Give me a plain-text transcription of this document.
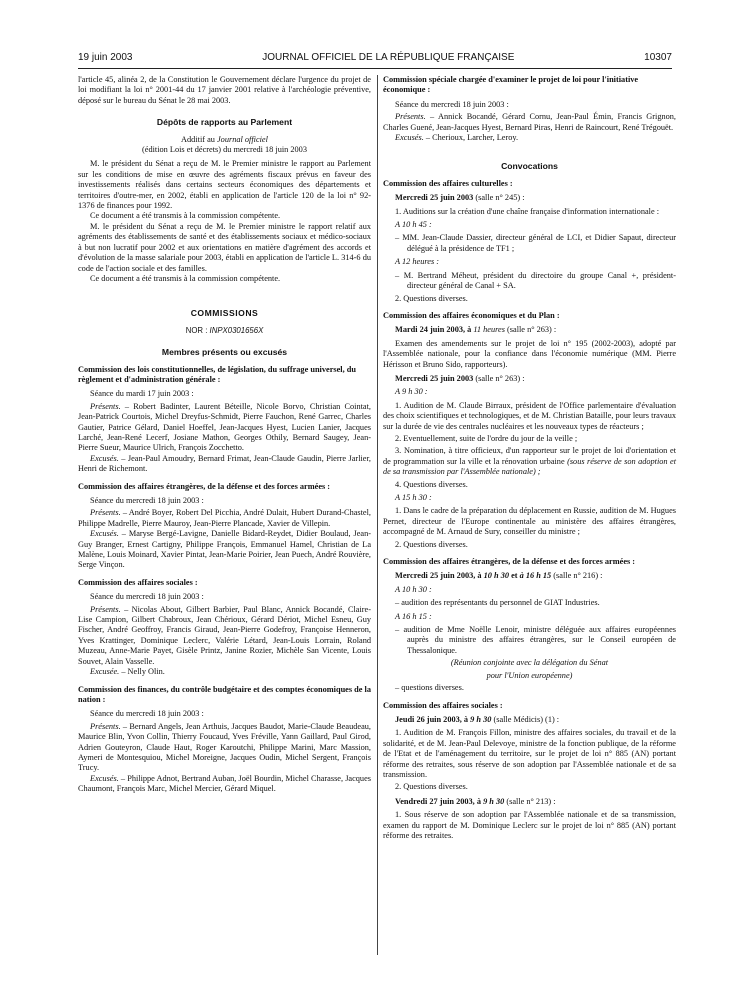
19 juin 2003	JOURNAL OFFICIEL DE LA RÉPUBLIQUE FRANÇAISE	10307

l'article 45, alinéa 2, de la Constitution le Gouvernement déclare l'urgence du projet de loi modifiant la loi n° 2001-44 du 17 janvier 2001 relative à l'archéologie préventive, déposé sur le bureau du Sénat le 28 mai 2003.

Dépôts de rapports au Parlement

Additif au Journal officiel

(édition Lois et décrets) du mercredi 18 juin 2003

M. le président du Sénat a reçu de M. le Premier ministre le rapport au Parlement sur les conditions de mise en œuvre des agréments fiscaux prévus en faveur des investissements réalisés dans certains secteurs économiques des départements et territoires d'outre-mer, en 2002, établi en application de l'article 120 de la loi n° 92-1376 de finances pour 1992.

Ce document a été transmis à la commission compétente.

M. le président du Sénat a reçu de M. le Premier ministre le rapport relatif aux agréments des établissements de santé et des établissements sociaux et médico-sociaux à but non lucratif pour 2002 et aux orientations en matière d'agrément des accords et d'évolution de la masse salariale pour 2003, établi en application de l'article L. 314-6 du code de l'action sociale et des familles.

Ce document a été transmis à la commission compétente.

COMMISSIONS

NOR : INPX0301656X

Membres présents ou excusés

Commission des lois constitutionnelles, de législation, du suffrage universel, du règlement et d'administration générale :

Séance du mardi 17 juin 2003 :

Présents. – Robert Badinter, Laurent Béteille, Nicole Borvo, Christian Cointat, Jean-Patrick Courtois, Michel Dreyfus-Schmidt, Pierre Fauchon, René Garrec, Charles Gautier, Patrice Gélard, Daniel Hoeffel, Jean-Jacques Hyest, Lucien Lanier, Jacques Larché, Jean-René Lecerf, Josiane Mathon, Georges Othily, Bernard Saugey, Jean-Pierre Sueur, Maurice Ulrich, François Zocchetto.

Excusés. – Jean-Paul Amoudry, Bernard Frimat, Jean-Claude Gaudin, Pierre Jarlier, Henri de Richemont.

Commission des affaires étrangères, de la défense et des forces armées :

Séance du mercredi 18 juin 2003 :

Présents. – André Boyer, Robert Del Picchia, André Dulait, Hubert Durand-Chastel, Philippe Madrelle, Pierre Mauroy, Jean-Pierre Plancade, Xavier de Villepin.

Excusés. – Maryse Bergé-Lavigne, Danielle Bidard-Reydet, Didier Boulaud, Jean-Guy Branger, Ernest Cartigny, Philippe François, Emmanuel Hamel, Christian de La Malène, Louis Moinard, Xavier Pintat, Jean-Marie Poirier, Jean Puech, André Rouvière, Serge Vinçon.

Commission des affaires sociales :

Séance du mercredi 18 juin 2003 :

Présents. – Nicolas About, Gilbert Barbier, Paul Blanc, Annick Bocandé, Claire-Lise Campion, Gilbert Chabroux, Jean Chérioux, Gérard Dériot, Michel Esneu, Guy Fischer, André Geoffroy, Francis Giraud, Jean-Pierre Godefroy, Françoise Henneron, Yves Krattinger, Dominique Leclerc, Valérie Létard, Jean-Louis Lorrain, Roland Muzeau, Anne-Marie Payet, Gisèle Printz, Janine Rozier, Michèle San Vicente, Louis Souvet, Alain Vasselle.

Excusée. – Nelly Olin.

Commission des finances, du contrôle budgétaire et des comptes économiques de la nation :

Séance du mercredi 18 juin 2003 :

Présents. – Bernard Angels, Jean Arthuis, Jacques Baudot, Marie-Claude Beaudeau, Maurice Blin, Yvon Collin, Thierry Foucaud, Yves Fréville, Yann Gaillard, Paul Girod, Adrien Gouteyron, Claude Haut, Roger Karoutchi, Philippe Marini, Marc Massion, Aymeri de Montesquiou, Michel Moreigne, Jacques Oudin, Michel Sergent, François Trucy.

Excusés. – Philippe Adnot, Bertrand Auban, Joël Bourdin, Michel Charasse, Jacques Chaumont, François Marc, Michel Mercier, Gérard Miquel.

Commission spéciale chargée d'examiner le projet de loi pour l'initiative économique :

Séance du mercredi 18 juin 2003 :

Présents. – Annick Bocandé, Gérard Cornu, Jean-Paul Émin, Francis Grignon, Charles Guené, Jean-Jacques Hyest, Bernard Piras, Henri de Raincourt, René Trégouët.

Excusés. – Cherioux, Larcher, Leroy.

Convocations

Commission des affaires culturelles :

Mercredi 25 juin 2003 (salle n° 245) :

1. Auditions sur la création d'une chaîne française d'information internationale :

A 10 h 45 :

– MM. Jean-Claude Dassier, directeur général de LCI, et Didier Sapaut, directeur délégué à la présidence de TF1 ;

A 12 heures :

– M. Bertrand Méheut, président du directoire du groupe Canal +, président-directeur général de Canal + SA.

2. Questions diverses.

Commission des affaires économiques et du Plan :

Mardi 24 juin 2003, à 11 heures (salle n° 263) :

Examen des amendements sur le projet de loi n° 195 (2002-2003), adopté par l'Assemblée nationale, pour la confiance dans l'économie numérique (MM. Pierre Hérisson et Bruno Sido, rapporteurs).

Mercredi 25 juin 2003 (salle n° 263) :

A 9 h 30 :

1. Audition de M. Claude Birraux, président de l'Office parlementaire d'évaluation des choix scientifiques et technologiques, et de M. Christian Bataille, pour leurs travaux sur la durée de vie des centrales nucléaires et les nouveaux types de réacteurs ;

2. Eventuellement, suite de l'ordre du jour de la veille ;

3. Nomination, à titre officieux, d'un rapporteur sur le projet de loi d'orientation et de programmation sur la ville et la rénovation urbaine (sous réserve de son adoption et de sa transmission par l'Assemblée nationale) ;

4. Questions diverses.

A 15 h 30 :

1. Dans le cadre de la préparation du déplacement en Russie, audition de M. Hugues Pernet, directeur de l'Europe continentale au ministère des affaires étrangères, accompagné de M. Arnaud de Sury, conseiller du ministre ;

2. Questions diverses.

Commission des affaires étrangères, de la défense et des forces armées :

Mercredi 25 juin 2003, à 10 h 30 et à 16 h 15 (salle n° 216) :

A 10 h 30 :

– audition des représentants du personnel de GIAT Industries.

A 16 h 15 :

– audition de Mme Noëlle Lenoir, ministre déléguée aux affaires européennes auprès du ministre des affaires étrangères, sur le Conseil européen de Thessalonique.

(Réunion conjointe avec la délégation du Sénat

pour l'Union européenne)

– questions diverses.

Commission des affaires sociales :

Jeudi 26 juin 2003, à 9 h 30 (salle Médicis) (1) :

1. Audition de M. François Fillon, ministre des affaires sociales, du travail et de la solidarité, et de M. Jean-Paul Delevoye, ministre de la fonction publique, de la réforme de l'Etat et de l'aménagement du territoire, sur le projet de loi n° 885 (AN) portant réforme des retraites, sous réserve de son adoption par l'Assemblée nationale et de sa transmission.

2. Questions diverses.

Vendredi 27 juin 2003, à 9 h 30 (salle n° 213) :

1. Sous réserve de son adoption par l'Assemblée nationale et de sa transmission, examen du rapport de M. Dominique Leclerc sur le projet de loi n° 885 (AN) portant réforme des retraites.
